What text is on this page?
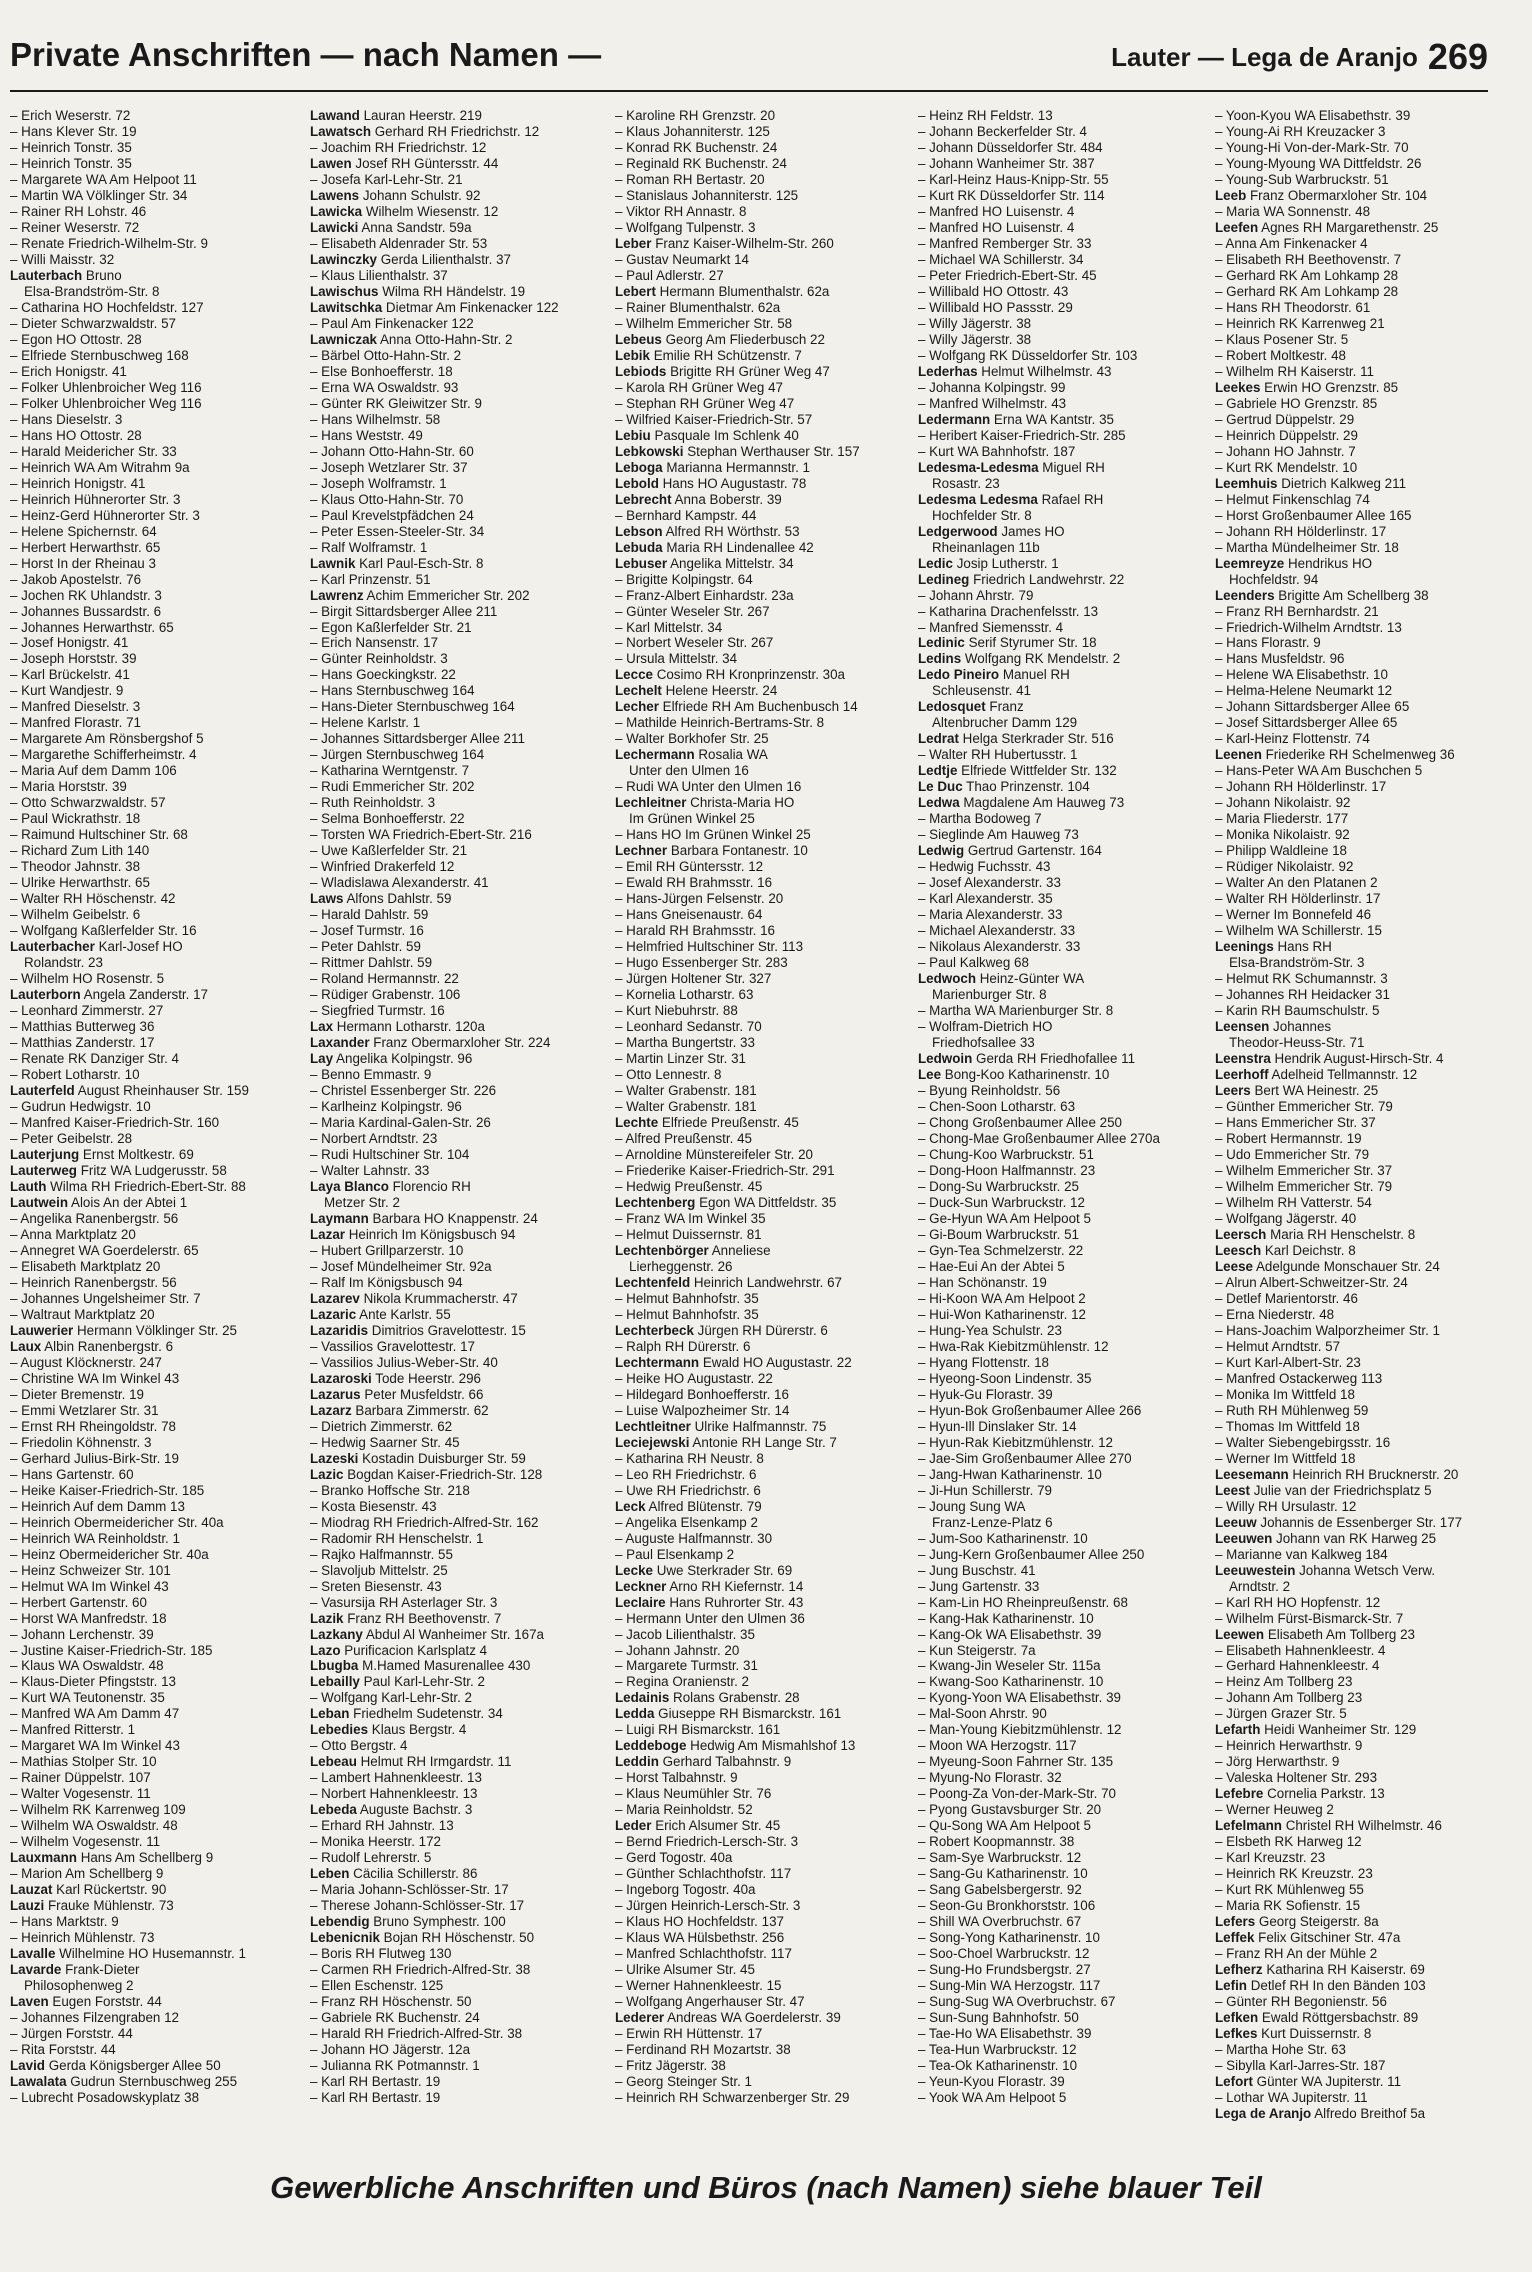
Private Anschriften — nach Namen —	Lauter — Lega de Aranjo 269
– Erich Weserstr. 72
– Hans Klever Str. 19
– Heinrich Tonstr. 35
– Heinrich Tonstr. 35
– Margarete WA Am Helpoot 11
– Martin WA Völklinger Str. 34
– Rainer RH Lohstr. 46
– Reiner Weserstr. 72
– Renate Friedrich-Wilhelm-Str. 9
– Willi Maisstr. 32
Lauterbach Bruno
Elsa-Brandström-Str. 8
– Catharina HO Hochfeldstr. 127
– Dieter Schwarzwaldstr. 57
– Egon HO Ottostr. 28
– Elfriede Sternbuschweg 168
– Erich Honigstr. 41
– Folker Uhlenbroicher Weg 116
– Folker Uhlenbroicher Weg 116
– Hans Dieselstr. 3
– Hans HO Ottostr. 28
– Harald Meidericher Str. 33
– Heinrich WA Am Witrahm 9a
– Heinrich Honigstr. 41
– Heinrich Hühnerorter Str. 3
– Heinz-Gerd Hühnerorter Str. 3
– Helene Spichernstr. 64
– Herbert Herwarthstr. 65
– Horst In der Rheinau 3
– Jakob Apostelstr. 76
– Jochen RK Uhlandstr. 3
– Johannes Bussardstr. 6
– Johannes Herwarthstr. 65
– Josef Honigstr. 41
– Joseph Horststr. 39
– Karl Brückelstr. 41
– Kurt Wandjestr. 9
– Manfred Dieselstr. 3
– Manfred Florastr. 71
– Margarete Am Rönsbergshof 5
– Margarethe Schifferheimstr. 4
– Maria Auf dem Damm 106
– Maria Horststr. 39
– Otto Schwarzwaldstr. 57
– Paul Wickrathstr. 18
– Raimund Hultschiner Str. 68
– Richard Zum Lith 140
– Theodor Jahnstr. 38
– Ulrike Herwarthstr. 65
– Walter RH Höschenstr. 42
– Wilhelm Geibelstr. 6
– Wolfgang Kaßlerfelder Str. 16
Lauterbacher Karl-Josef HO
Rolandstr. 23
– Wilhelm HO Rosenstr. 5
Lauterborn Angela Zanderstr. 17
– Leonhard Zimmerstr. 27
– Matthias Butterweg 36
– Matthias Zanderstr. 17
– Renate RK Danziger Str. 4
– Robert Lotharstr. 10
Lauterfeld August Rheinhauser Str. 159
– Gudrun Hedwigstr. 10
– Manfred Kaiser-Friedrich-Str. 160
– Peter Geibelstr. 28
Lauterjung Ernst Moltkestr. 69
Lauterweg Fritz WA Ludgerusstr. 58
Lauth Wilma RH Friedrich-Ebert-Str. 88
Lautwein Alois An der Abtei 1
– Angelika Ranenbergstr. 56
– Anna Marktplatz 20
– Annegret WA Goerdelerstr. 65
– Elisabeth Marktplatz 20
– Heinrich Ranenbergstr. 56
– Johannes Ungelsheimer Str. 7
– Waltraut Marktplatz 20
Lauwerier Hermann Völklinger Str. 25
Laux Albin Ranenbergstr. 6
– August Klöcknerstr. 247
– Christine WA Im Winkel 43
– Dieter Bremenstr. 19
– Emmi Wetzlarer Str. 31
– Ernst RH Rheingoldstr. 78
– Friedolin Köhnenstr. 3
– Gerhard Julius-Birk-Str. 19
– Hans Gartenstr. 60
– Heike Kaiser-Friedrich-Str. 185
– Heinrich Auf dem Damm 13
– Heinrich Obermeidericher Str. 40a
– Heinrich WA Reinholdstr. 1
– Heinz Obermeidericher Str. 40a
– Heinz Schweizer Str. 101
– Helmut WA Im Winkel 43
– Herbert Gartenstr. 60
– Horst WA Manfredstr. 18
– Johann Lerchenstr. 39
– Justine Kaiser-Friedrich-Str. 185
– Klaus WA Oswaldstr. 48
– Klaus-Dieter Pfingststr. 13
– Kurt WA Teutonenstr. 35
– Manfred WA Am Damm 47
– Manfred Ritterstr. 1
– Margaret WA Im Winkel 43
– Mathias Stolper Str. 10
– Rainer Düppelstr. 107
– Walter Vogesenstr. 11
– Wilhelm RK Karrenweg 109
– Wilhelm WA Oswaldstr. 48
– Wilhelm Vogesenstr. 11
Lauxmann Hans Am Schellberg 9
– Marion Am Schellberg 9
Lauzat Karl Rückertstr. 90
Lauzi Frauke Mühlenstr. 73
– Hans Marktstr. 9
– Heinrich Mühlenstr. 73
Lavalle Wilhelmine HO Husemannstr. 1
Lavarde Frank-Dieter
Philosophenweg 2
Laven Eugen Forststr. 44
– Johannes Filzengraben 12
– Jürgen Forststr. 44
– Rita Forststr. 44
Lavid Gerda Königsberger Allee 50
Lawalata Gudrun Sternbuschweg 255
– Lubrecht Posadowskyplatz 38
Lawand Lauran Heerstr. 219
Lawatsch Gerhard RH Friedrichstr. 12
– Joachim RH Friedrichstr. 12
Lawen Josef RH Güntersstr. 44
– Josefa Karl-Lehr-Str. 21
Lawens Johann Schulstr. 92
Lawicka Wilhelm Wiesenstr. 12
Lawicki Anna Sandstr. 59a
– Elisabeth Aldenrader Str. 53
Lawinczky Gerda Lilienthalstr. 37
– Klaus Lilienthalstr. 37
Lawischus Wilma RH Händelstr. 19
Lawitschka Dietmar Am Finkenacker 122
– Paul Am Finkenacker 122
Lawniczak Anna Otto-Hahn-Str. 2
– Bärbel Otto-Hahn-Str. 2
– Else Bonhoefferstr. 18
– Erna WA Oswaldstr. 93
– Günter RK Gleiwitzer Str. 9
– Hans Wilhelmstr. 58
– Hans Weststr. 49
– Johann Otto-Hahn-Str. 60
– Joseph Wetzlarer Str. 37
– Joseph Wolframstr. 1
– Klaus Otto-Hahn-Str. 70
– Paul Krevelstpfädchen 24
– Peter Essen-Steeler-Str. 34
– Ralf Wolframstr. 1
Lawnik Karl Paul-Esch-Str. 8
– Karl Prinzenstr. 51
Lawrenz Achim Emmericher Str. 202
– Birgit Sittardsberger Allee 211
– Egon Kaßlerfelder Str. 21
– Erich Nansenstr. 17
– Günter Reinholdstr. 3
– Hans Goeckingkstr. 22
– Hans Sternbuschweg 164
– Hans-Dieter Sternbuschweg 164
– Helene Karlstr. 1
– Johannes Sittardsberger Allee 211
– Jürgen Sternbuschweg 164
– Katharina Werntgenstr. 7
– Rudi Emmericher Str. 202
– Ruth Reinholdstr. 3
– Selma Bonhoefferstr. 22
– Torsten WA Friedrich-Ebert-Str. 216
– Uwe Kaßlerfelder Str. 21
– Winfried Drakerfeld 12
– Wladislawa Alexanderstr. 41
Laws Alfons Dahlstr. 59
– Harald Dahlstr. 59
– Josef Turmstr. 16
– Peter Dahlstr. 59
– Rittmer Dahlstr. 59
– Roland Hermannstr. 22
– Rüdiger Grabenstr. 106
– Siegfried Turmstr. 16
Lax Hermann Lotharstr. 120a
Laxander Franz Obermarxloher Str. 224
Lay Angelika Kolpingstr. 96
– Benno Emmastr. 9
– Christel Essenberger Str. 226
– Karlheinz Kolpingstr. 96
– Maria Kardinal-Galen-Str. 26
– Norbert Arndtstr. 23
– Rudi Hultschiner Str. 104
– Walter Lahnstr. 33
Laya Blanco Florencio RH
Metzer Str. 2
Laymann Barbara HO Knappenstr. 24
Lazar Heinrich Im Königsbusch 94
– Hubert Grillparzerstr. 10
– Josef Mündelheimer Str. 92a
– Ralf Im Königsbusch 94
Lazarev Nikola Krummacherstr. 47
Lazaric Ante Karlstr. 55
Lazaridis Dimitrios Gravelottestr. 15
– Vassilios Gravelottestr. 17
– Vassilios Julius-Weber-Str. 40
Lazaroski Tode Heerstr. 296
Lazarus Peter Musfeldstr. 66
Lazarz Barbara Zimmerstr. 62
– Dietrich Zimmerstr. 62
– Hedwig Saarner Str. 45
Lazeski Kostadin Duisburger Str. 59
Lazic Bogdan Kaiser-Friedrich-Str. 128
– Branko Hoffsche Str. 218
– Kosta Biesenstr. 43
– Miodrag RH Friedrich-Alfred-Str. 162
– Radomir RH Henschelstr. 1
– Rajko Halfmannstr. 55
– Slavoljub Mittelstr. 25
– Sreten Biesenstr. 43
– Vasursija RH Asterlager Str. 3
Lazik Franz RH Beethovenstr. 7
Lazkany Abdul Al Wanheimer Str. 167a
Lazo Purificacion Karlsplatz 4
Lbugba M.Hamed Masurenallee 430
Lebailly Paul Karl-Lehr-Str. 2
– Wolfgang Karl-Lehr-Str. 2
Leban Friedhelm Sudetenstr. 34
Lebedies Klaus Bergstr. 4
– Otto Bergstr. 4
Lebeau Helmut RH Irmgardstr. 11
– Lambert Hahnenkleestr. 13
– Norbert Hahnenkleestr. 13
Lebeda Auguste Bachstr. 3
– Erhard RH Jahnstr. 13
– Monika Heerstr. 172
– Rudolf Lehrerstr. 5
Leben Cäcilia Schillerstr. 86
– Maria Johann-Schlösser-Str. 17
– Therese Johann-Schlösser-Str. 17
Lebendig Bruno Symphestr. 100
Lebenicnik Bojan RH Höschenstr. 50
– Boris RH Flutweg 130
– Carmen RH Friedrich-Alfred-Str. 38
– Ellen Eschenstr. 125
– Franz RH Höschenstr. 50
– Gabriele RK Buchenstr. 24
– Harald RH Friedrich-Alfred-Str. 38
– Johann HO Jägerstr. 12a
– Julianna RK Potmannstr. 1
– Karl RH Bertastr. 19
– Karl RH Bertastr. 19
– Karoline RH Grenzstr. 20
– Klaus Johanniterstr. 125
– Konrad RK Buchenstr. 24
– Reginald RK Buchenstr. 24
– Roman RH Bertastr. 20
– Stanislaus Johanniterstr. 125
– Viktor RH Annastr. 8
– Wolfgang Tulpenstr. 3
Leber Franz Kaiser-Wilhelm-Str. 260
– Gustav Neumarkt 14
– Paul Adlerstr. 27
Lebert Hermann Blumenthalstr. 62a
– Rainer Blumenthalstr. 62a
– Wilhelm Emmericher Str. 58
Lebeus Georg Am Fliederbusch 22
Lebik Emilie RH Schützenstr. 7
Lebiods Brigitte RH Grüner Weg 47
– Karola RH Grüner Weg 47
– Stephan RH Grüner Weg 47
– Wilfried Kaiser-Friedrich-Str. 57
Lebiu Pasquale Im Schlenk 40
Lebkowski Stephan Werthauser Str. 157
Leboga Marianna Hermannstr. 1
Lebold Hans HO Augustastr. 78
Lebrecht Anna Boberstr. 39
– Bernhard Kampstr. 44
Lebson Alfred RH Wörthstr. 53
Lebuda Maria RH Lindenallee 42
Lebuser Angelika Mittelstr. 34
– Brigitte Kolpingstr. 64
– Franz-Albert Einhardstr. 23a
– Günter Weseler Str. 267
– Karl Mittelstr. 34
– Norbert Weseler Str. 267
– Ursula Mittelstr. 34
Lecce Cosimo RH Kronprinzenstr. 30a
Lechelt Helene Heerstr. 24
Lecher Elfriede RH Am Buchenbusch 14
– Mathilde Heinrich-Bertrams-Str. 8
– Walter Borkhofer Str. 25
Lechermann Rosalia WA
Unter den Ulmen 16
– Rudi WA Unter den Ulmen 16
Lechleitner Christa-Maria HO
Im Grünen Winkel 25
– Hans HO Im Grünen Winkel 25
Lechner Barbara Fontanestr. 10
– Emil RH Güntersstr. 12
– Ewald RH Brahmsstr. 16
– Hans-Jürgen Felsenstr. 20
– Hans Gneisenaustr. 64
– Harald RH Brahmsstr. 16
– Helmfried Hultschiner Str. 113
– Hugo Essenberger Str. 283
– Jürgen Holtener Str. 327
– Kornelia Lotharstr. 63
– Kurt Niebuhrstr. 88
– Leonhard Sedanstr. 70
– Martha Bungertstr. 33
– Martin Linzer Str. 31
– Otto Lennestr. 8
– Walter Grabenstr. 181
– Walter Grabenstr. 181
Lechte Elfriede Preußenstr. 45
– Alfred Preußenstr. 45
– Arnoldine Münstereifeler Str. 20
– Friederike Kaiser-Friedrich-Str. 291
– Hedwig Preußenstr. 45
Lechtenberg Egon WA Dittfeldstr. 35
– Franz WA Im Winkel 35
– Helmut Duissernstr. 81
Lechtenbörger Anneliese
Lierheggenstr. 26
Lechtenfeld Heinrich Landwehrstr. 67
– Helmut Bahnhofstr. 35
– Helmut Bahnhofstr. 35
Lechterbeck Jürgen RH Dürerstr. 6
– Ralph RH Dürerstr. 6
Lechtermann Ewald HO Augustastr. 22
– Heike HO Augustastr. 22
– Hildegard Bonhoefferstr. 16
– Luise Walpozheimer Str. 14
Lechtleitner Ulrike Halfmannstr. 75
Leciejewski Antonie RH Lange Str. 7
– Katharina RH Neustr. 8
– Leo RH Friedrichstr. 6
– Uwe RH Friedrichstr. 6
Leck Alfred Blütenstr. 79
– Angelika Elsenkamp 2
– Auguste Halfmannstr. 30
– Paul Elsenkamp 2
Lecke Uwe Sterkrader Str. 69
Leckner Arno RH Kiefernstr. 14
Leclaire Hans Ruhrorter Str. 43
– Hermann Unter den Ulmen 36
– Jacob Lilienthalstr. 35
– Johann Jahnstr. 20
– Margarete Turmstr. 31
– Regina Oranienstr. 2
Ledainis Rolans Grabenstr. 28
Ledda Giuseppe RH Bismarckstr. 161
– Luigi RH Bismarckstr. 161
Leddeboge Hedwig Am Mismahlshof 13
Leddin Gerhard Talbahnstr. 9
– Horst Talbahnstr. 9
– Klaus Neumühler Str. 76
– Maria Reinholdstr. 52
Leder Erich Alsumer Str. 45
– Bernd Friedrich-Lersch-Str. 3
– Gerd Togostr. 40a
– Günther Schlachthofstr. 117
– Ingeborg Togostr. 40a
– Jürgen Heinrich-Lersch-Str. 3
– Klaus HO Hochfeldstr. 137
– Klaus WA Hülsbethstr. 256
– Manfred Schlachthofstr. 117
– Ulrike Alsumer Str. 45
– Werner Hahnenkleestr. 15
– Wolfgang Angerhauser Str. 47
Lederer Andreas WA Goerdelerstr. 39
– Erwin RH Hüttenstr. 17
– Ferdinand RH Mozartstr. 38
– Fritz Jägerstr. 38
– Georg Steinger Str. 1
– Heinrich RH Schwarzenberger Str. 29
– Heinz RH Feldstr. 13
– Johann Beckerfelder Str. 4
– Johann Düsseldorfer Str. 484
– Johann Wanheimer Str. 387
– Karl-Heinz Haus-Knipp-Str. 55
– Kurt RK Düsseldorfer Str. 114
– Manfred HO Luisenstr. 4
– Manfred HO Luisenstr. 4
– Manfred Remberger Str. 33
– Michael WA Schillerstr. 34
– Peter Friedrich-Ebert-Str. 45
– Willibald HO Ottostr. 43
– Willibald HO Passstr. 29
– Willy Jägerstr. 38
– Willy Jägerstr. 38
– Wolfgang RK Düsseldorfer Str. 103
Lederhas Helmut Wilhelmstr. 43
– Johanna Kolpingstr. 99
– Manfred Wilhelmstr. 43
Ledermann Erna WA Kantstr. 35
– Heribert Kaiser-Friedrich-Str. 285
– Kurt WA Bahnhofstr. 187
Ledesma-Ledesma Miguel RH
Rosastr. 23
Ledesma Ledesma Rafael RH
Hochfelder Str. 8
Ledgerwood James HO
Rheinanlagen 11b
Ledic Josip Lutherstr. 1
Ledineg Friedrich Landwehrstr. 22
– Johann Ahrstr. 79
– Katharina Drachenfelsstr. 13
– Manfred Siemensstr. 4
Ledinic Serif Styrumer Str. 18
Ledins Wolfgang RK Mendelstr. 2
Ledo Pineiro Manuel RH
Schleusenstr. 41
Ledosquet Franz
Altenbrucher Damm 129
Ledrat Helga Sterkrader Str. 516
– Walter RH Hubertusstr. 1
Ledtje Elfriede Wittfelder Str. 132
Le Duc Thao Prinzenstr. 104
Ledwa Magdalene Am Hauweg 73
– Martha Bodoweg 7
– Sieglinde Am Hauweg 73
Ledwig Gertrud Gartenstr. 164
– Hedwig Fuchsstr. 43
– Josef Alexanderstr. 33
– Karl Alexanderstr. 35
– Maria Alexanderstr. 33
– Michael Alexanderstr. 33
– Nikolaus Alexanderstr. 33
– Paul Kalkweg 68
Ledwoch Heinz-Günter WA
Marienburger Str. 8
– Martha WA Marienburger Str. 8
– Wolfram-Dietrich HO
Friedhofsallee 33
Ledwoin Gerda RH Friedhofallee 11
Lee Bong-Koo Katharinenstr. 10
– Byung Reinholdstr. 56
– Chen-Soon Lotharstr. 63
– Chong Großenbaumer Allee 250
– Chong-Mae Großenbaumer Allee 270a
– Chung-Koo Warbruckstr. 51
– Dong-Hoon Halfmannstr. 23
– Dong-Su Warbruckstr. 25
– Duck-Sun Warbruckstr. 12
– Ge-Hyun WA Am Helpoot 5
– Gi-Boum Warbruckstr. 51
– Gyn-Tea Schmelzerstr. 22
– Hae-Eui An der Abtei 5
– Han Schönanstr. 19
– Hi-Koon WA Am Helpoot 2
– Hui-Won Katharinenstr. 12
– Hung-Yea Schulstr. 23
– Hwa-Rak Kiebitzmühlenstr. 12
– Hyang Flottenstr. 18
– Hyeong-Soon Lindenstr. 35
– Hyuk-Gu Florastr. 39
– Hyun-Bok Großenbaumer Allee 266
– Hyun-Ill Dinslaker Str. 14
– Hyun-Rak Kiebitzmühlenstr. 12
– Jae-Sim Großenbaumer Allee 270
– Jang-Hwan Katharinenstr. 10
– Ji-Hun Schillerstr. 79
– Joung Sung WA
Franz-Lenze-Platz 6
– Jum-Soo Katharinenstr. 10
– Jung-Kern Großenbaumer Allee 250
– Jung Buschstr. 41
– Jung Gartenstr. 33
– Kam-Lin HO Rheinpreußenstr. 68
– Kang-Hak Katharinenstr. 10
– Kang-Ok WA Elisabethstr. 39
– Kun Steigerstr. 7a
– Kwang-Jin Weseler Str. 115a
– Kwang-Soo Katharinenstr. 10
– Kyong-Yoon WA Elisabethstr. 39
– Mal-Soon Ahrstr. 90
– Man-Young Kiebitzmühlenstr. 12
– Moon WA Herzogstr. 117
– Myeung-Soon Fahrner Str. 135
– Myung-No Florastr. 32
– Poong-Za Von-der-Mark-Str. 70
– Pyong Gustavsburger Str. 20
– Qu-Song WA Am Helpoot 5
– Robert Koopmannstr. 38
– Sam-Sye Warbruckstr. 12
– Sang-Gu Katharinenstr. 10
– Sang Gabelsbergerstr. 92
– Seon-Gu Bronkhorststr. 106
– Shill WA Overbruchstr. 67
– Song-Yong Katharinenstr. 10
– Soo-Choel Warbruckstr. 12
– Sung-Ho Frundsbergstr. 27
– Sung-Min WA Herzogstr. 117
– Sung-Sug WA Overbruchstr. 67
– Sun-Sung Bahnhofstr. 50
– Tae-Ho WA Elisabethstr. 39
– Tea-Hun Warbruckstr. 12
– Tea-Ok Katharinenstr. 10
– Yeun-Kyou Florastr. 39
– Yook WA Am Helpoot 5
– Yoon-Kyou WA Elisabethstr. 39
– Young-Ai RH Kreuzacker 3
– Young-Hi Von-der-Mark-Str. 70
– Young-Myoung WA Dittfeldstr. 26
– Young-Sub Warbruckstr. 51
Leeb Franz Obermarxloher Str. 104
– Maria WA Sonnenstr. 48
Leefen Agnes RH Margarethenstr. 25
– Anna Am Finkenacker 4
– Elisabeth RH Beethovenstr. 7
– Gerhard RK Am Lohkamp 28
– Gerhard RK Am Lohkamp 28
– Hans RH Theodorstr. 61
– Heinrich RK Karrenweg 21
– Klaus Posener Str. 5
– Robert Moltkestr. 48
– Wilhelm RH Kaiserstr. 11
Leekes Erwin HO Grenzstr. 85
– Gabriele HO Grenzstr. 85
– Gertrud Düppelstr. 29
– Heinrich Düppelstr. 29
– Johann HO Jahnstr. 7
– Kurt RK Mendelstr. 10
Leemhuis Dietrich Kalkweg 211
– Helmut Finkenschlag 74
– Horst Großenbaumer Allee 165
– Johann RH Hölderlinstr. 17
– Martha Mündelheimer Str. 18
Leemreyze Hendrikus HO
Hochfeldstr. 94
Leenders Brigitte Am Schellberg 38
– Franz RH Bernhardstr. 21
– Friedrich-Wilhelm Arndtstr. 13
– Hans Florastr. 9
– Hans Musfeldstr. 96
– Helene WA Elisabethstr. 10
– Helma-Helene Neumarkt 12
– Johann Sittardsberger Allee 65
– Josef Sittardsberger Allee 65
– Karl-Heinz Flottenstr. 74
Leenen Friederike RH Schelmenweg 36
– Hans-Peter WA Am Buschchen 5
– Johann RH Hölderlinstr. 17
– Johann Nikolaistr. 92
– Maria Fliederstr. 177
– Monika Nikolaistr. 92
– Philipp Waldleine 18
– Rüdiger Nikolaistr. 92
– Walter An den Platanen 2
– Walter RH Hölderlinstr. 17
– Werner Im Bonnefeld 46
– Wilhelm WA Schillerstr. 15
Leenings Hans RH
Elsa-Brandström-Str. 3
– Helmut RK Schumannstr. 3
– Johannes RH Heidacker 31
– Karin RH Baumschulstr. 5
Leensen Johannes
Theodor-Heuss-Str. 71
Leenstra Hendrik August-Hirsch-Str. 4
Leerhoff Adelheid Tellmannstr. 12
Leers Bert WA Heinestr. 25
– Günther Emmericher Str. 79
– Hans Emmericher Str. 37
– Robert Hermannstr. 19
– Udo Emmericher Str. 79
– Wilhelm Emmericher Str. 37
– Wilhelm Emmericher Str. 79
– Wilhelm RH Vatterstr. 54
– Wolfgang Jägerstr. 40
Leersch Maria RH Henschelstr. 8
Leesch Karl Deichstr. 8
Leese Adelgunde Monschauer Str. 24
– Alrun Albert-Schweitzer-Str. 24
– Detlef Marientorstr. 46
– Erna Niederstr. 48
– Hans-Joachim Walporzheimer Str. 1
– Helmut Arndtstr. 57
– Kurt Karl-Albert-Str. 23
– Manfred Ostackerweg 113
– Monika Im Wittfeld 18
– Ruth RH Mühlenweg 59
– Thomas Im Wittfeld 18
– Walter Siebengebirgsstr. 16
– Werner Im Wittfeld 18
Leesemann Heinrich RH Brucknerstr. 20
Leest Julie van der Friedrichsplatz 5
– Willy RH Ursulastr. 12
Leeuw Johannis de Essenberger Str. 177
Leeuwen Johann van RK Harweg 25
– Marianne van Kalkweg 184
Leeuwestein Johanna Wetsch Verw.
Arndtstr. 2
– Karl RH HO Hopfenstr. 12
– Wilhelm Fürst-Bismarck-Str. 7
Leewen Elisabeth Am Tollberg 23
– Elisabeth Hahnenkleestr. 4
– Gerhard Hahnenkleestr. 4
– Heinz Am Tollberg 23
– Johann Am Tollberg 23
– Jürgen Grazer Str. 5
Lefarth Heidi Wanheimer Str. 129
– Heinrich Herwarthstr. 9
– Jörg Herwarthstr. 9
– Valeska Holtener Str. 293
Lefebre Cornelia Parkstr. 13
– Werner Heuweg 2
Lefelmann Christel RH Wilhelmstr. 46
– Elsbeth RK Harweg 12
– Karl Kreuzstr. 23
– Heinrich RK Kreuzstr. 23
– Kurt RK Mühlenweg 55
– Maria RK Sofienstr. 15
Lefers Georg Steigerstr. 8a
Leffek Felix Gitschiner Str. 47a
– Franz RH An der Mühle 2
Lefherz Katharina RH Kaiserstr. 69
Lefin Detlef RH In den Bänden 103
– Günter RH Begonienstr. 56
Lefken Ewald Röttgersbachstr. 89
Lefkes Kurt Duissernstr. 8
– Martha Hohe Str. 63
– Sibylla Karl-Jarres-Str. 187
Lefort Günter WA Jupiterstr. 11
– Lothar WA Jupiterstr. 11
Lega de Aranjo Alfredo Breithof 5a
Gewerbliche Anschriften und Büros (nach Namen) siehe blauer Teil
